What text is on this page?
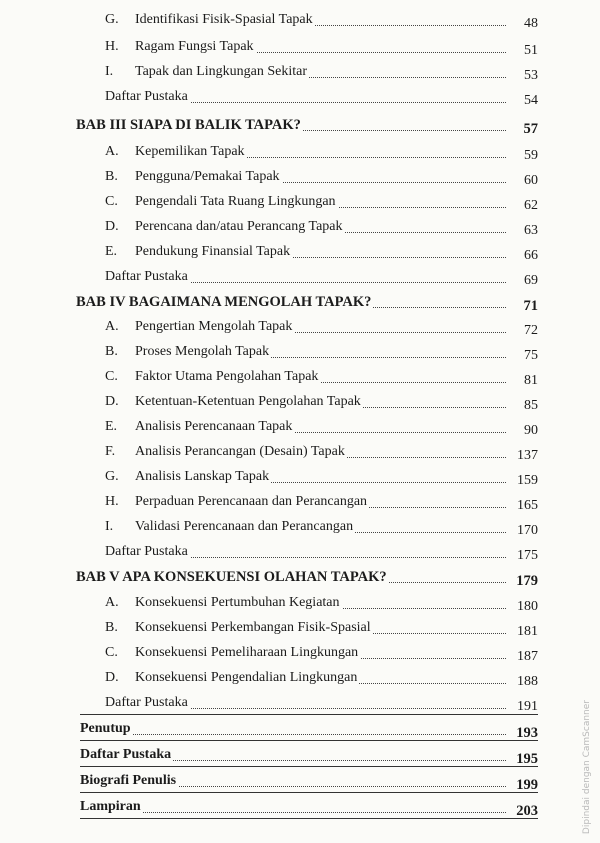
G. Identifikasi Fisik-Spasial Tapak	48
H. Ragam Fungsi Tapak	51
I. Tapak dan Lingkungan Sekitar	53
Daftar Pustaka	54
BAB III SIAPA DI BALIK TAPAK?	57
A. Kepemilikan Tapak	59
B. Pengguna/Pemakai Tapak	60
C. Pengendali Tata Ruang Lingkungan	62
D. Perencana dan/atau Perancang Tapak	63
E. Pendukung Finansial Tapak	66
Daftar Pustaka	69
BAB IV BAGAIMANA MENGOLAH TAPAK?	71
A. Pengertian Mengolah Tapak	72
B. Proses Mengolah Tapak	75
C. Faktor Utama Pengolahan Tapak	81
D. Ketentuan-Ketentuan Pengolahan Tapak	85
E. Analisis Perencanaan Tapak	90
F. Analisis Perancangan (Desain) Tapak	137
G. Analisis Lanskap Tapak	159
H. Perpaduan Perencanaan dan Perancangan	165
I. Validasi Perencanaan dan Perancangan	170
Daftar Pustaka	175
BAB V APA KONSEKUENSI OLAHAN TAPAK?	179
A. Konsekuensi Pertumbuhan Kegiatan	180
B. Konsekuensi Perkembangan Fisik-Spasial	181
C. Konsekuensi Pemeliharaan Lingkungan	187
D. Konsekuensi Pengendalian Lingkungan	188
Daftar Pustaka	191
Penutup	193
Daftar Pustaka	195
Biografi Penulis	199
Lampiran	203	Dipindai dengan CamScanner
